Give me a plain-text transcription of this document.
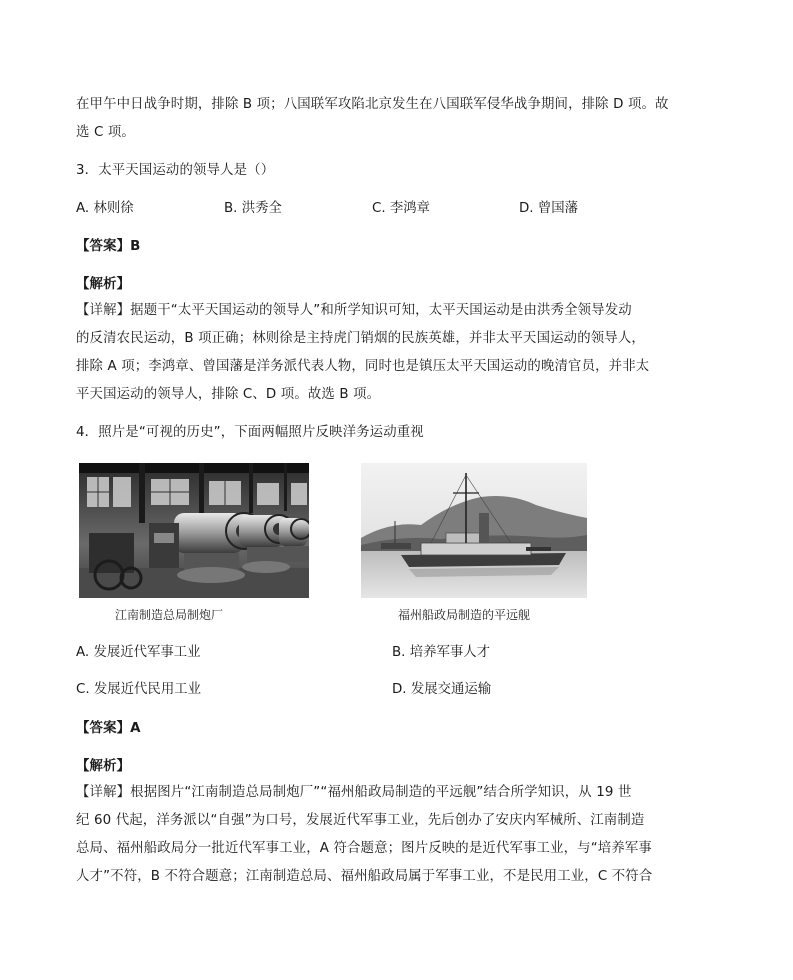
在甲午中日战争时期，排除 B 项；八国联军攻陷北京发生在八国联军侵华战争期间，排除 D 项。故
选 C 项。
3．太平天国运动的领导人是（）
A. 林则徐	B. 洪秀全	C. 李鸿章	D. 曾国藩
【答案】B
【解析】
【详解】据题干“太平天国运动的领导人”和所学知识可知，太平天国运动是由洪秀全领导发动
的反清农民运动，B 项正确；林则徐是主持虎门销烟的民族英雄，并非太平天国运动的领导人，
排除 A 项；李鸿章、曾国藩是洋务派代表人物，同时也是镇压太平天国运动的晚清官员，并非太
平天国运动的领导人，排除 C、D 项。故选 B 项。
4．照片是“可视的历史”，下面两幅照片反映洋务运动重视
江南制造总局制炮厂	福州船政局制造的平远舰
A. 发展近代军事工业	B. 培养军事人才
C. 发展近代民用工业	D. 发展交通运输
【答案】A
【解析】
【详解】根据图片“江南制造总局制炮厂”“福州船政局制造的平远舰”结合所学知识，从 19 世
纪 60 代起，洋务派以“自强”为口号，发展近代军事工业，先后创办了安庆内军械所、江南制造
总局、福州船政局分一批近代军事工业，A 符合题意；图片反映的是近代军事工业，与“培养军事
人才”不符，B 不符合题意；江南制造总局、福州船政局属于军事工业，不是民用工业，C 不符合
